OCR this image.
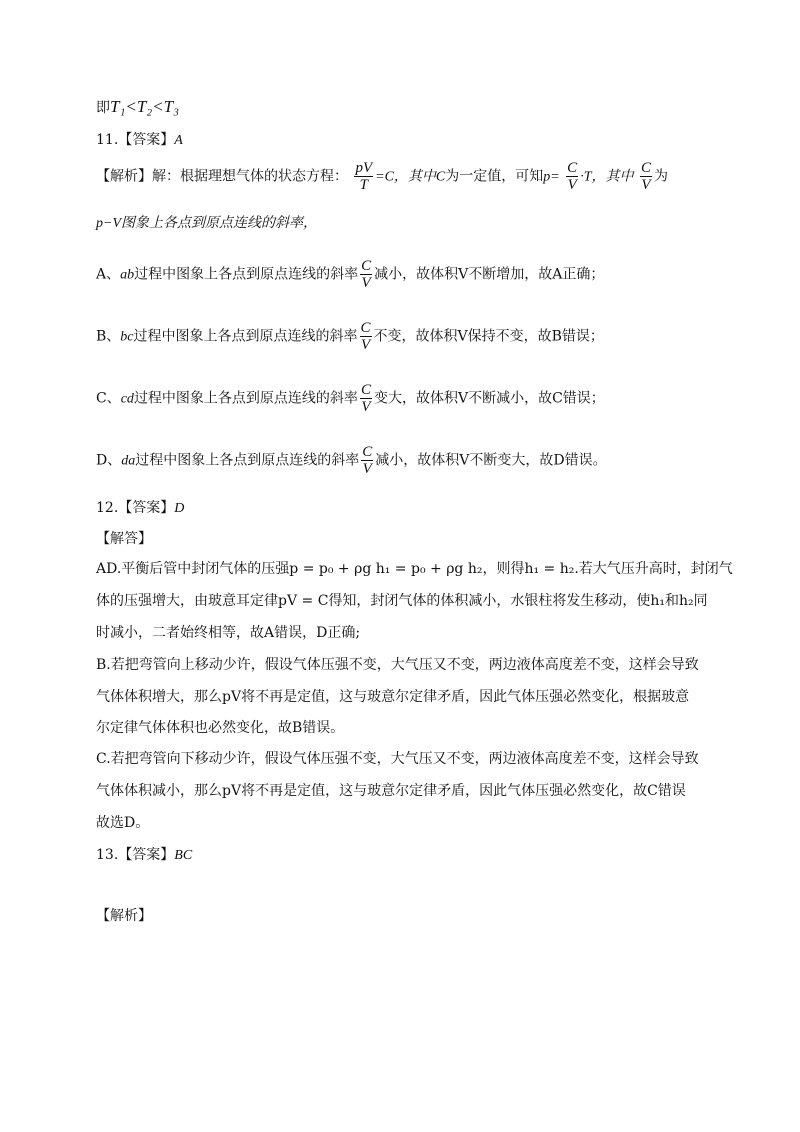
即T₁<T₂<T₃
11.【答案】A
【解析】解：根据理想气体的状态方程： $\frac{pV}{T} =C$，其中C为一定值，可知$p= \frac{C}{V} \cdot T$，其中 $\frac{C}{V}$ 为
p−V图象上各点到原点连线的斜率，
A、ab过程中图象上各点到原点连线的斜率 $\frac{C}{V}$ 减小，故体积V不断增加，故A正确；
B、bc过程中图象上各点到原点连线的斜率 $\frac{C}{V}$ 不变，故体积V保持不变，故B错误；
C、cd过程中图象上各点到原点连线的斜率 $\frac{C}{V}$ 变大，故体积V不断减小，故C错误；
D、da过程中图象上各点到原点连线的斜率 $\frac{C}{V}$ 减小，故体积V不断变大，故D错误。
12.【答案】D
【解答】
AD.平衡后管中封闭气体的压强p = p₀ + ρg h₁ = p₀ + ρg h₂，则得h₁ = h₂.若大气压升高时，封闭气
体的压强增大，由玻意耳定律pV = C得知，封闭气体的体积减小，水银柱将发生移动，使h₁和h₂同
时减小，二者始终相等，故A错误，D正确;
B.若把弯管向上移动少许，假设气体压强不变，大气压又不变，两边液体高度差不变，这样会导致
气体体积增大，那么pV将不再是定值，这与玻意尔定律矛盾，因此气体压强必然变化，根据玻意
尔定律气体体积也必然变化，故B错误。
C.若把弯管向下移动少许，假设气体压强不变，大气压又不变，两边液体高度差不变，这样会导致
气体体积减小，那么pV将不再是定值，这与玻意尔定律矛盾，因此气体压强必然变化，故C错误
故选D。
13.【答案】BC
【解析】
